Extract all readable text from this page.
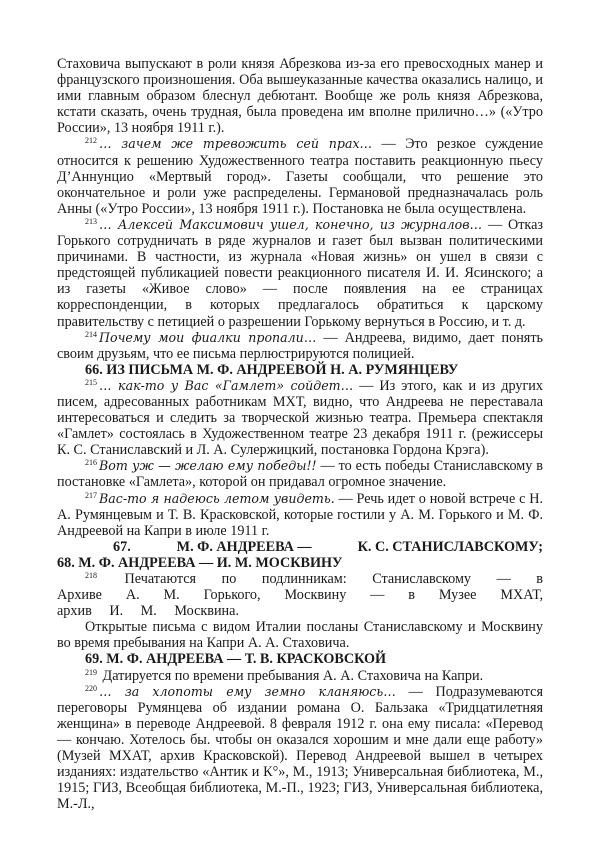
Стаховича выпускают в роли князя Абрезкова из-за его превосходных манер и французского произношения. Оба вышеуказанные качества оказались налицо, и ими главным образом блеснул дебютант. Вообще же роль князя Абрезкова, кстати сказать, очень трудная, была проведена им вполне прилично…» («Утро России», 13 ноября 1911 г.).

$^{212}$ … зачем же тревожить сей прах… — Это резкое суждение относится к решению Художественного театра поставить реакционную пьесу Д’Аннунцио «Мертвый город». Газеты сообщали, что решение это окончательное и роли уже распределены. Германовой предназначалась роль Анны («Утро России», 13 ноября 1911 г.). Постановка не была осуществлена.

$^{213}$ … Алексей Максимович ушел, конечно, из журналов… — Отказ Горького сотрудничать в ряде журналов и газет был вызван политическими причинами. В частности, из журнала «Новая жизнь» он ушел в связи с предстоящей публикацией повести реакционного писателя И. И. Ясинского; а из газеты «Живое слово» — после появления на ее страницах корреспонденции, в которых предлагалось обратиться к царскому правительству с петицией о разрешении Горькому вернуться в Россию, и т. д.

$^{214}$ Почему мои фиалки пропали… — Андреева, видимо, дает понять своим друзьям, что ее письма перлюстрируются полицией.

66. ИЗ ПИСЬМА М. Ф. АНДРЕЕВОЙ Н. А. РУМЯНЦЕВУ

$^{215}$ … как-то у Вас «Гамлет» сойдет… — Из этого, как и из других писем, адресованных работникам МХТ, видно, что Андреева не переставала интересоваться и следить за творческой жизнью театра. Премьера спектакля «Гамлет» состоялась в Художественном театре 23 декабря 1911 г. (режиссеры К. С. Станиславский и Л. А. Сулержицкий, постановка Гордона Крэга).

$^{216}$ Вот уж — желаю ему победы!! — то есть победы Станиславскому в постановке «Гамлета», которой он придавал огромное значение.

$^{217}$ Вас-то я надеюсь летом увидеть. — Речь идет о новой встрече с Н. А. Румянцевым и Т. В. Красковской, которые гостили у А. М. Горького и М. Ф. Андреевой на Капри в июле 1911 г.

67.	М. Ф. АНДРЕЕВА —	К. С. СТАНИСЛАВСКОМУ;
68. М. Ф. АНДРЕЕВА — И. М. МОСКВИНУ

$^{218}$ Печатаются по подлинникам: Станиславскому — в Архиве А. М. Горького, Москвину — в Музее МХАТ, архив И. М. Москвина.

Открытые письма с видом Италии посланы Станиславскому и Москвину во время пребывания на Капри А. А. Стаховича.

69. М. Ф. АНДРЕЕВА — Т. В. КРАСКОВСКОЙ

$^{219}$ Датируется по времени пребывания А. А. Стаховича на Капри.

$^{220}$ … за хлопоты ему земно кланяюсь… — Подразумеваются переговоры Румянцева об издании романа О. Бальзака «Тридцатилетняя женщина» в переводе Андреевой. 8 февраля 1912 г. она ему писала: «Перевод — кончаю. Хотелось бы. чтобы он оказался хорошим и мне дали еще работу» (Музей МХАТ, архив Красковской). Перевод Андреевой вышел в четырех изданиях: издательство «Антик и К°», М., 1913; Универсальная библиотека, М., 1915; ГИЗ, Всеобщая библиотека, М.-П., 1923; ГИЗ, Универсальная библиотека, М.-Л.,
